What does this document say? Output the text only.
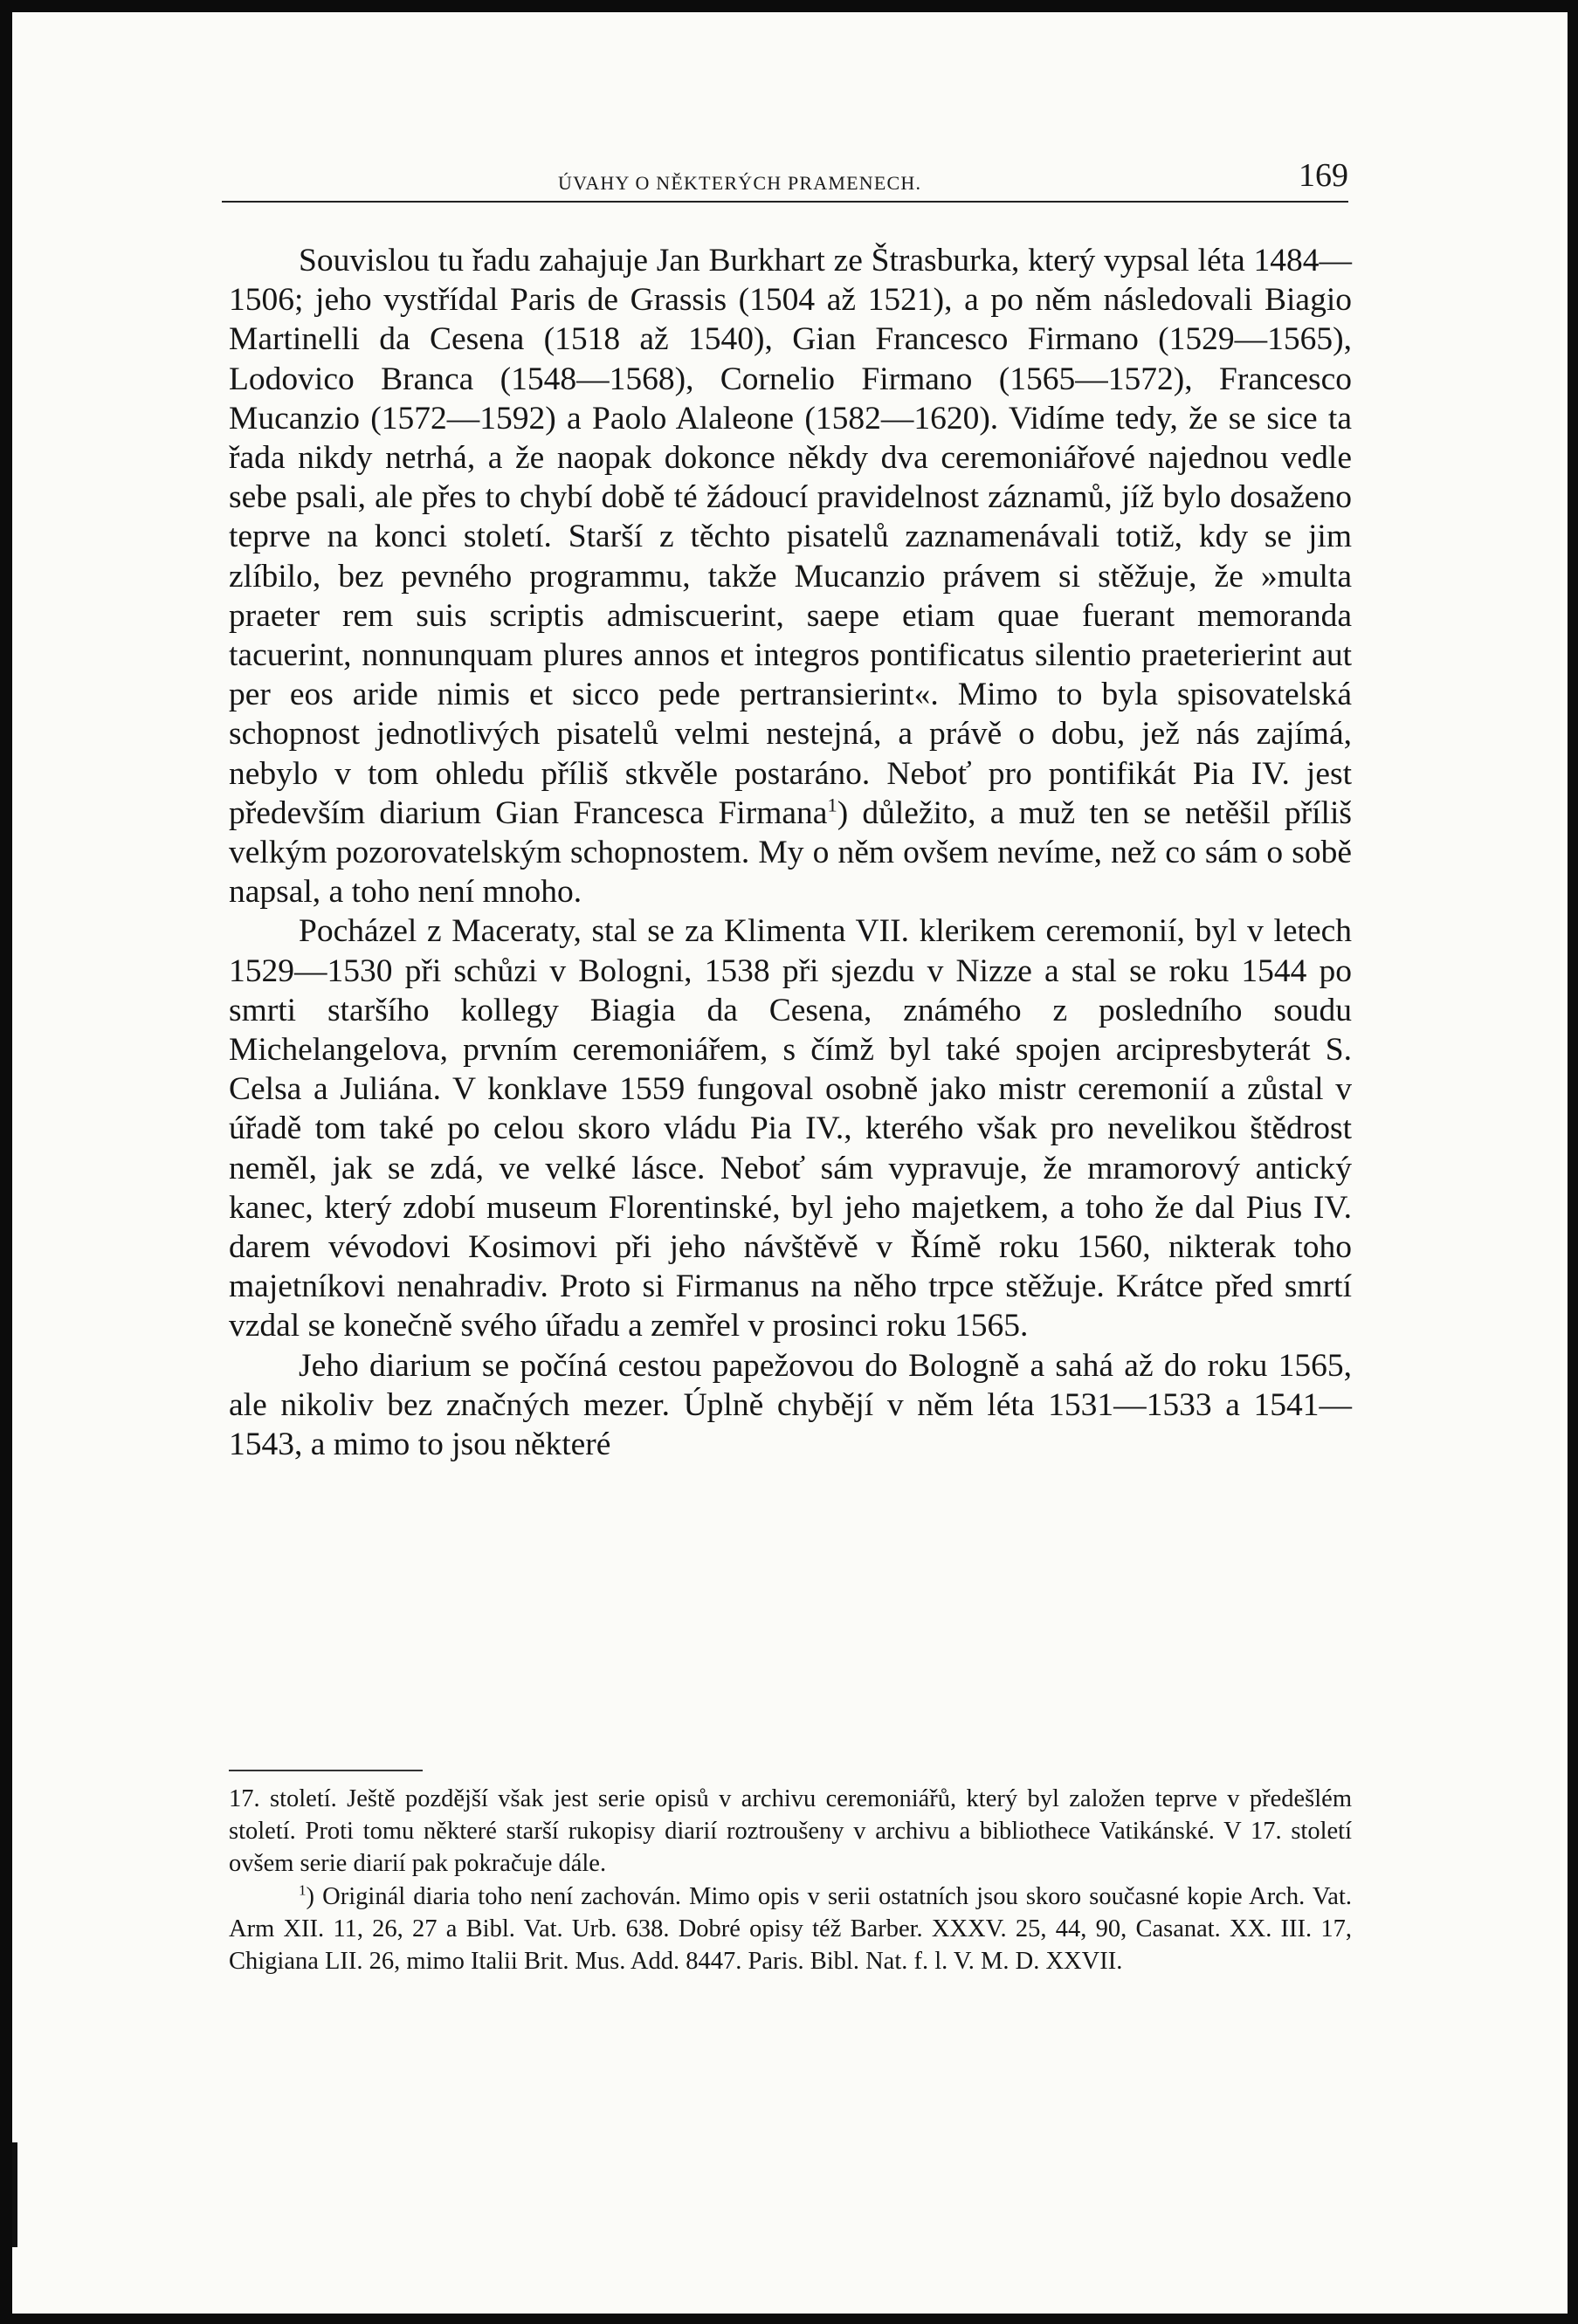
ÚVAHY O NĚKTERÝCH PRAMENECH.	169

Souvislou tu řadu zahajuje Jan Burkhart ze Štrasburka, který vypsal léta 1484—1506; jeho vystřídal Paris de Grassis (1504 až 1521), a po něm následovali Biagio Martinelli da Cesena (1518 až 1540), Gian Francesco Firmano (1529—1565), Lodovico Branca (1548—1568), Cornelio Firmano (1565—1572), Francesco Mucanzio (1572—1592) a Paolo Alaleone (1582—1620). Vidíme tedy, že se sice ta řada nikdy netrhá, a že naopak dokonce někdy dva ceremoniářové najednou vedle sebe psali, ale přes to chybí době té žádoucí pravidelnost záznamů, jíž bylo dosaženo teprve na konci století. Starší z těchto pisatelů zaznamenávali totiž, kdy se jim zlíbilo, bez pevného programmu, takže Mucanzio právem si stěžuje, že »multa praeter rem suis scriptis admiscuerint, saepe etiam quae fuerant memoranda tacuerint, nonnunquam plures annos et integros pontificatus silentio praeterierint aut per eos aride nimis et sicco pede pertransierint«. Mimo to byla spisovatelská schopnost jednotlivých pisatelů velmi nestejná, a právě o dobu, jež nás zajímá, nebylo v tom ohledu příliš stkvěle postaráno. Neboť pro pontifikát Pia IV. jest především diarium Gian Francesca Firmana$^1$) důležito, a muž ten se netěšil příliš velkým pozorovatelským schopnostem. My o něm ovšem nevíme, než co sám o sobě napsal, a toho není mnoho.

Pocházel z Maceraty, stal se za Klimenta VII. klerikem ceremonií, byl v letech 1529—1530 při schůzi v Bologni, 1538 při sjezdu v Nizze a stal se roku 1544 po smrti staršího kollegy Biagia da Cesena, známého z posledního soudu Michelangelova, prvním ceremoniářem, s čímž byl také spojen arcipresbyterát S. Celsa a Juliána. V konklave 1559 fungoval osobně jako mistr ceremonií a zůstal v úřadě tom také po celou skoro vládu Pia IV., kterého však pro nevelikou štědrost neměl, jak se zdá, ve velké lásce. Neboť sám vypravuje, že mramorový antický kanec, který zdobí museum Florentinské, byl jeho majetkem, a toho že dal Pius IV. darem vévodovi Kosimovi při jeho návštěvě v Římě roku 1560, nikterak toho majetníkovi nenahradiv. Proto si Firmanus na něho trpce stěžuje. Krátce před smrtí vzdal se konečně svého úřadu a zemřel v prosinci roku 1565.

Jeho diarium se počíná cestou papežovou do Bologně a sahá až do roku 1565, ale nikoliv bez značných mezer. Úplně chybějí v něm léta 1531—1533 a 1541—1543, a mimo to jsou některé

17. století. Ještě pozdější však jest serie opisů v archivu ceremoniářů, který byl založen teprve v předešlém století. Proti tomu některé starší rukopisy diarií roztroušeny v archivu a bibliothece Vatikánské. V 17. století ovšem serie diarií pak pokračuje dále.

$^1$) Originál diaria toho není zachován. Mimo opis v serii ostatních jsou skoro současné kopie Arch. Vat. Arm XII. 11, 26, 27 a Bibl. Vat. Urb. 638. Dobré opisy též Barber. XXXV. 25, 44, 90, Casanat. XX. III. 17, Chigiana LII. 26, mimo Italii Brit. Mus. Add. 8447. Paris. Bibl. Nat. f. l. V. M. D. XXVII.
